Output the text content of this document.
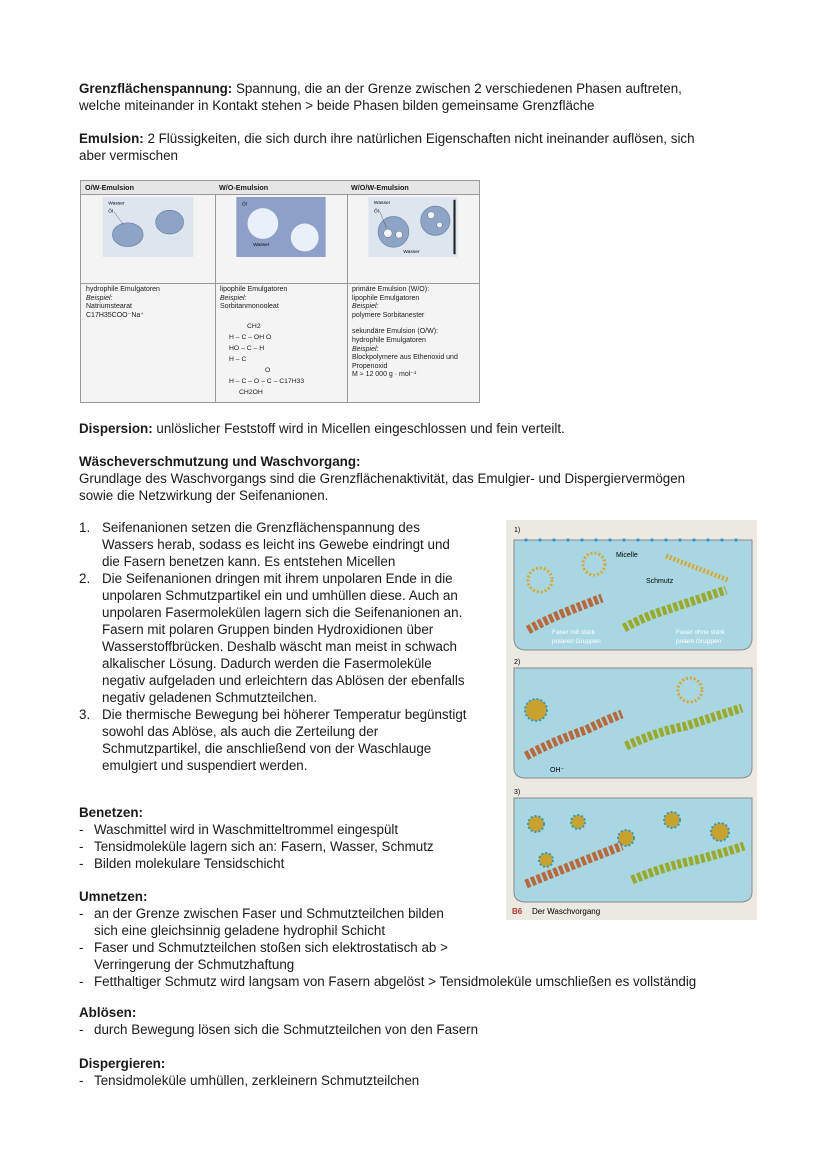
Grenzflächenspannung: Spannung, die an der Grenze zwischen 2 verschiedenen Phasen auftreten,
welche miteinander in Kontakt stehen > beide Phasen bilden gemeinsame Grenzfläche
Emulsion: 2 Flüssigkeiten, die sich durch ihre natürlichen Eigenschaften nicht ineinander auflösen, sich
aber vermischen
O/W-Emulsion
Wasser
Öl
hydrophile Emulgatoren
Beispiel:
Natriumstearat
C17H35COO⁻Na⁺
W/O-Emulsion
Öl
Wasser
lipophile Emulgatoren
Beispiel:
Sorbitanmonooleat
CH2
H – C – OH O
HO – C – H
H – C
O
H – C – O – C – C17H33
CH2OH
W/O/W-Emulsion
Wasser
Öl
Wasser
primäre Emulsion (W/O):
lipophile Emulgatoren
Beispiel:
polymere Sorbitanester
sekundäre Emulsion (O/W):
hydrophile Emulgatoren
Beispiel:
Blockpolymere aus Ethenoxid und
Propenoxid
M ≈ 12 000 g · mol⁻¹
Dispersion: unlöslicher Feststoff wird in Micellen eingeschlossen und fein verteilt.
Wäscheverschmutzung und Waschvorgang:
Grundlage des Waschvorgangs sind die Grenzflächenaktivität, das Emulgier- und Dispergiervermögen
sowie die Netzwirkung der Seifenanionen.
1. Seifenanionen setzen die Grenzflächenspannung des
Wassers herab, sodass es leicht ins Gewebe eindringt und
die Fasern benetzen kann. Es entstehen Micellen
2. Die Seifenanionen dringen mit ihrem unpolaren Ende in die
unpolaren Schmutzpartikel ein und umhüllen diese. Auch an
unpolaren Fasermolekülen lagern sich die Seifenanionen an.
Fasern mit polaren Gruppen binden Hydroxidionen über
Wasserstoffbrücken. Deshalb wäscht man meist in schwach
alkalischer Lösung. Dadurch werden die Fasermoleküle
negativ aufgeladen und erleichtern das Ablösen der ebenfalls
negativ geladenen Schmutzteilchen.
3. Die thermische Bewegung bei höherer Temperatur begünstigt
sowohl das Ablöse, als auch die Zerteilung der
Schmutzpartikel, die anschließend von der Waschlauge
emulgiert und suspendiert werden.
1)
Micelle
Schmutz
Faser mit stark
polaren Gruppen
Faser ohne stark
polare Gruppen
2)
OH⁻
3)
B6 Der Waschvorgang
Benetzen:
- Waschmittel wird in Waschmitteltrommel eingespült
- Tensidmoleküle lagern sich an: Fasern, Wasser, Schmutz
- Bilden molekulare Tensidschicht
Umnetzen:
- an der Grenze zwischen Faser und Schmutzteilchen bilden
sich eine gleichsinnig geladene hydrophil Schicht
- Faser und Schmutzteilchen stoßen sich elektrostatisch ab >
Verringerung der Schmutzhaftung
- Fetthaltiger Schmutz wird langsam von Fasern abgelöst > Tensidmoleküle umschließen es vollständig
Ablösen:
- durch Bewegung lösen sich die Schmutzteilchen von den Fasern
Dispergieren:
- Tensidmoleküle umhüllen, zerkleinern Schmutzteilchen
